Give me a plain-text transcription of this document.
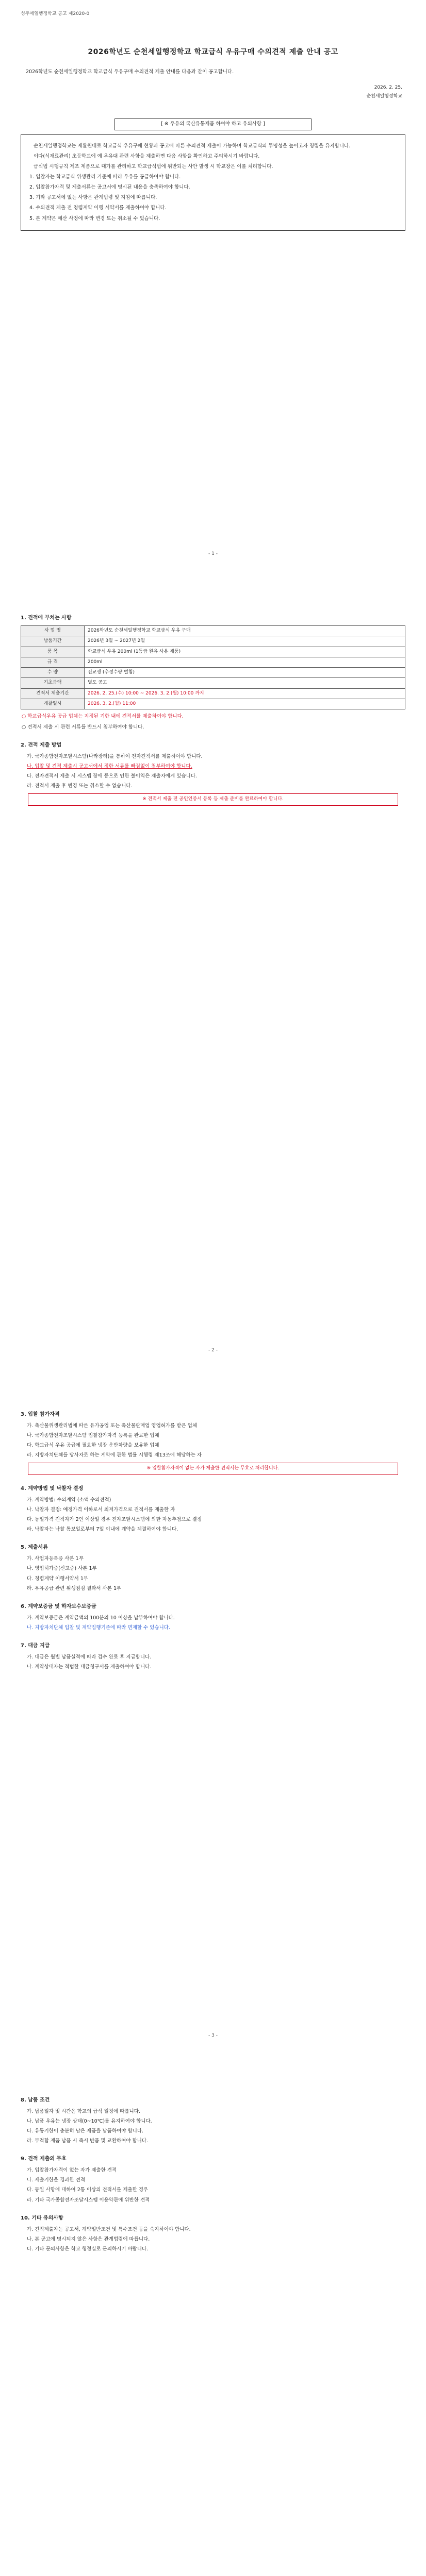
성주세일행정학교 공고 제2020-0
2026학년도 순천세일행정학교 학교급식 우유구매 수의견적 제출 안내 공고
2026학년도 순천세일행정학교 학교급식 우유구매 수의견적 제출 안내를 다음과 같이 공고합니다.
2026. 2. 25.
순천세일행정학교
[ ※ 우유의 국산유통제품 하여야 하고 유의사항 ]
순천세일행정학교는 재활원대로 학교급식 우유구매 현황과 공고에 따른 수의견적 제출이 가능하며 학교급식의 투명성을 높이고자 청렴을 유지합니다.
이다(식재료관리) 초등학교에 예 우유대 관련 사항을 제출하면 다음 사항을 확인하고 주의하시기 바랍니다.
급식법 시행규칙 제조 제품으로 대가를 관리하고 학교급식법에 위반되는 사안 발생 시 학교장은 이를 처리합니다.
1. 입찰자는 학교급식 위생관리 기준에 따라 우유를 공급하여야 합니다.
2. 입찰참가자격 및 제출서류는 공고서에 명시된 내용을 충족하여야 합니다.
3. 기타 공고서에 없는 사항은 관계법령 및 지침에 따릅니다.
4. 수의견적 제출 전 청렴계약 이행 서약서를 제출하여야 합니다.
5. 본 계약은 예산 사정에 따라 변경 또는 취소될 수 있습니다.
- 1 -
1. 견적에 부치는 사항
사 업 명	2026학년도 순천세일행정학교 학교급식 우유 구매
납품기간	2026년 3월 ~ 2027년 2월
품 목	학교급식 우유 200ml (1등급 원유 사용 제품)
규 격	200ml
수 량	전교생 (추정수량 별첨)
기초금액	별도 공고
견적서 제출기간	2026. 2. 25.(수) 10:00 ~ 2026. 3. 2.(월) 10:00 까지
개찰일시	2026. 3. 2.(월) 11:00
○ 학교급식우유 공급 업체는 지정된 기한 내에 견적서를 제출하여야 합니다.
○ 견적서 제출 시 관련 서류를 반드시 첨부하여야 합니다.
2. 견적 제출 방법
가. 국가종합전자조달시스템(나라장터)을 통하여 전자견적서를 제출하여야 합니다.
나. 입찰 및 견적 제출시 공고서에서 정한 서류를 빠짐없이 첨부하여야 합니다.
다. 전자견적서 제출 시 시스템 장애 등으로 인한 불이익은 제출자에게 있습니다.
라. 견적서 제출 후 변경 또는 취소할 수 없습니다.
※ 견적서 제출 전 공인인증서 등록 등 제출 준비를 완료하여야 합니다.
- 2 -
3. 입찰 참가자격
가. 축산물위생관리법에 따른 유가공업 또는 축산물판매업 영업허가를 받은 업체
나. 국가종합전자조달시스템 입찰참가자격 등록을 완료한 업체
다. 학교급식 우유 공급에 필요한 냉장 운반차량을 보유한 업체
라. 지방자치단체를 당사자로 하는 계약에 관한 법률 시행령 제13조에 해당하는 자
※ 입찰참가자격이 없는 자가 제출한 견적서는 무효로 처리합니다.
4. 계약방법 및 낙찰자 결정
가. 계약방법: 수의계약 (소액 수의견적)
나. 낙찰자 결정: 예정가격 이하로서 최저가격으로 견적서를 제출한 자
다. 동일가격 견적자가 2인 이상일 경우 전자조달시스템에 의한 자동추첨으로 결정
라. 낙찰자는 낙찰 통보일로부터 7일 이내에 계약을 체결하여야 합니다.
5. 제출서류
가. 사업자등록증 사본 1부
나. 영업허가증(신고증) 사본 1부
다. 청렴계약 이행서약서 1부
라. 우유공급 관련 위생점검 결과서 사본 1부
6. 계약보증금 및 하자보수보증금
가. 계약보증금은 계약금액의 100분의 10 이상을 납부하여야 합니다.
나. 지방자치단체 입찰 및 계약집행기준에 따라 면제할 수 있습니다.
7. 대금 지급
가. 대금은 월별 납품실적에 따라 검수 완료 후 지급합니다.
나. 계약상대자는 적법한 대금청구서를 제출하여야 합니다.
- 3 -
8. 납품 조건
가. 납품일자 및 시간은 학교의 급식 일정에 따릅니다.
나. 납품 우유는 냉장 상태(0~10℃)를 유지하여야 합니다.
다. 유통기한이 충분히 남은 제품을 납품하여야 합니다.
라. 부적합 제품 납품 시 즉시 반품 및 교환하여야 합니다.
9. 견적 제출의 무효
가. 입찰참가자격이 없는 자가 제출한 견적
나. 제출기한을 경과한 견적
다. 동일 사항에 대하여 2통 이상의 견적서를 제출한 경우
라. 기타 국가종합전자조달시스템 이용약관에 위반한 견적
10. 기타 유의사항
가. 견적제출자는 공고서, 계약일반조건 및 특수조건 등을 숙지하여야 합니다.
나. 본 공고에 명시되지 않은 사항은 관계법령에 따릅니다.
다. 기타 문의사항은 학교 행정실로 문의하시기 바랍니다.
